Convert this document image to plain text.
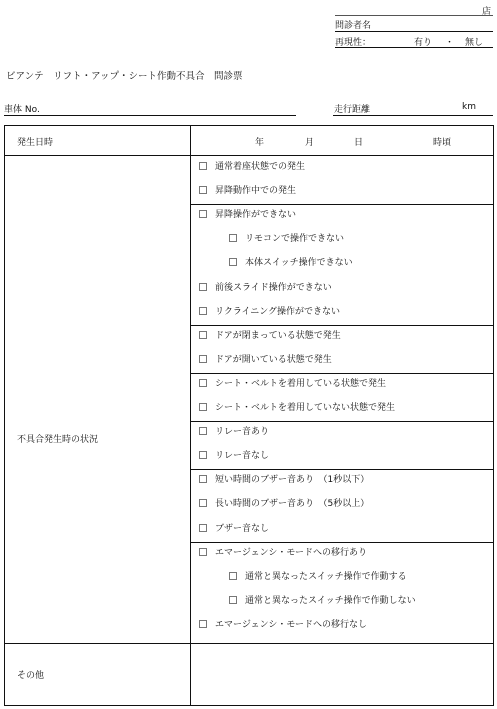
店
問診者名
再現性：	有り ・ 無し
ビアンテ　リフト・アップ・シート作動不具合　問診票
車体 No.	走行距離	km
発生日時	年	月	日	時頃
不具合発生時の状況
通常着座状態での発生
昇降動作中での発生
昇降操作ができない
リモコンで操作できない
本体スイッチ操作できない
前後スライド操作ができない
リクライニング操作ができない
ドアが閉まっている状態で発生
ドアが開いている状態で発生
シート・ベルトを着用している状態で発生
シート・ベルトを着用していない状態で発生
リレー音あり
リレー音なし
短い時間のブザー音あり　（1秒以下）
長い時間のブザー音あり　（5秒以上）
ブザー音なし
エマージェンシ・モードへの移行あり
通常と異なったスイッチ操作で作動する
通常と異なったスイッチ操作で作動しない
エマージェンシ・モードへの移行なし
その他
